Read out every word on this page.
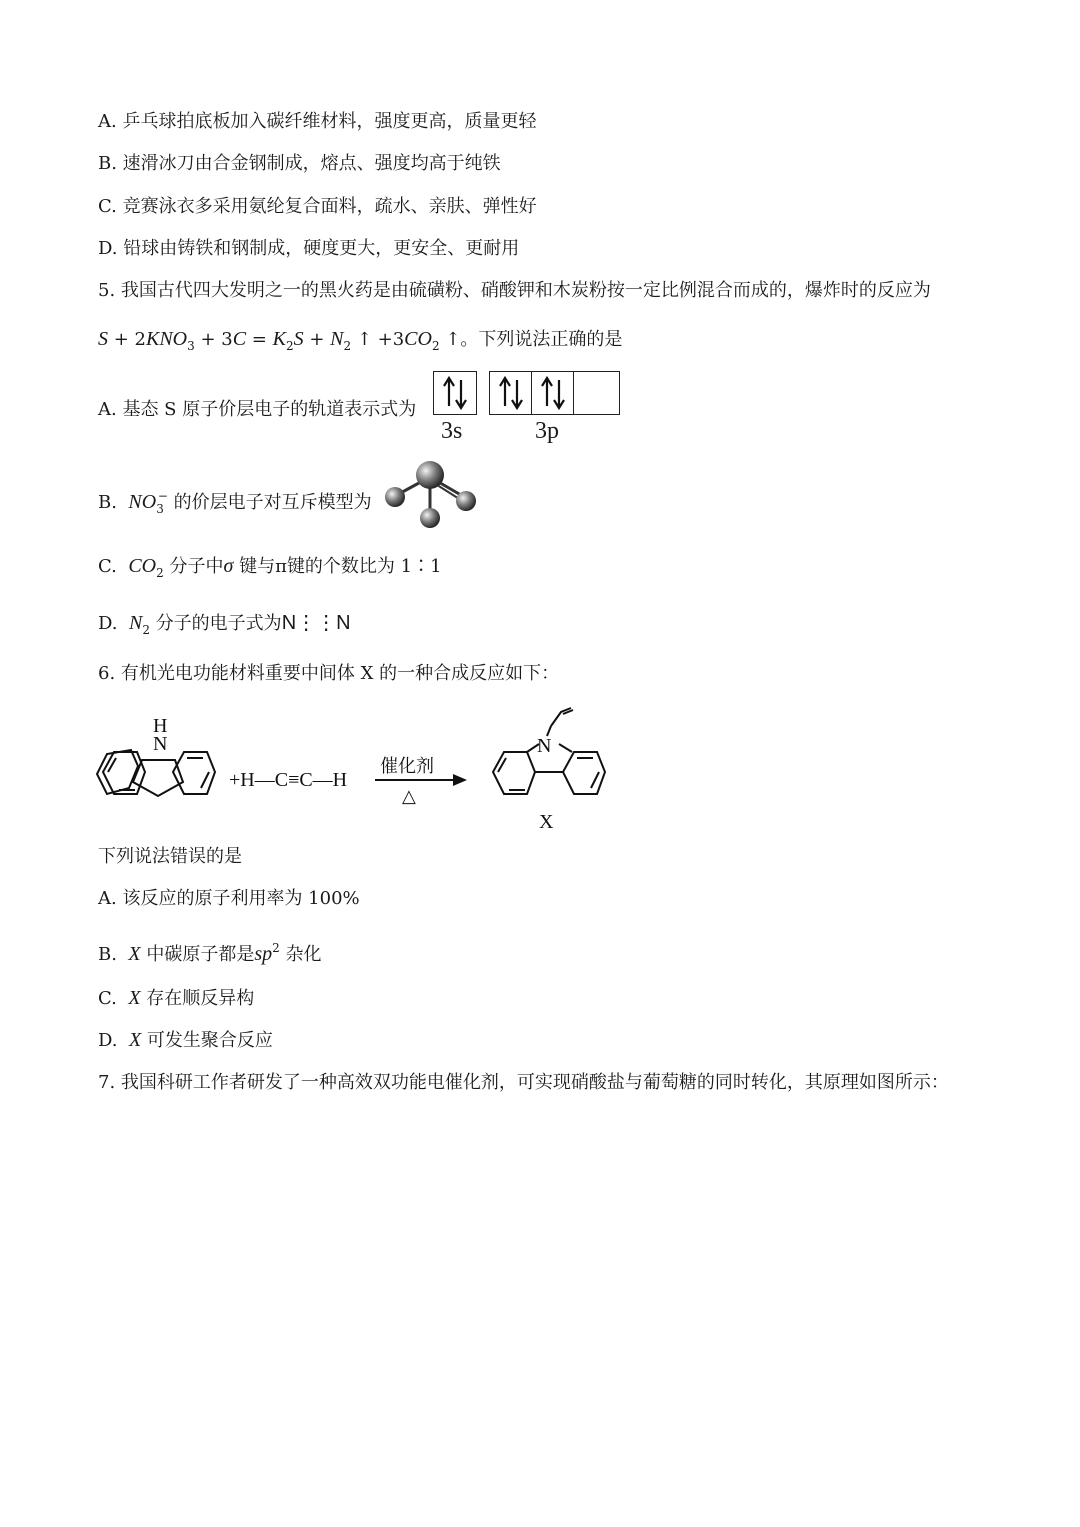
A. 乒乓球拍底板加入碳纤维材料，强度更高，质量更轻
B. 速滑冰刀由合金钢制成，熔点、强度均高于纯铁
C. 竞赛泳衣多采用氨纶复合面料，疏水、亲肤、弹性好
D. 铅球由铸铁和钢制成，硬度更大，更安全、更耐用
5. 我国古代四大发明之一的黑火药是由硫磺粉、硝酸钾和木炭粉按一定比例混合而成的，爆炸时的反应为
$S + 2KNO_3 + 3C = K_2S + N_2$ ↑ $+3CO_2$ ↑。下列说法正确的是
A. 基态 S 原子价层电子的轨道表示式为
3s	3p
B. $NO_3^-$ 的价层电子对互斥模型为
C. $CO_2$ 分子中σ 键与π键的个数比为 1∶1
D. $N_2$ 分子的电子式为N⋮⋮N
6. 有机光电功能材料重要中间体 X 的一种合成反应如下：
H
N
+H—C≡C—H
催化剂
△
N
X
下列说法错误的是
A. 该反应的原子利用率为 100%
B. X 中碳原子都是$sp^2$ 杂化
C. X 存在顺反异构
D. X 可发生聚合反应
7. 我国科研工作者研发了一种高效双功能电催化剂，可实现硝酸盐与葡萄糖的同时转化，其原理如图所示：
